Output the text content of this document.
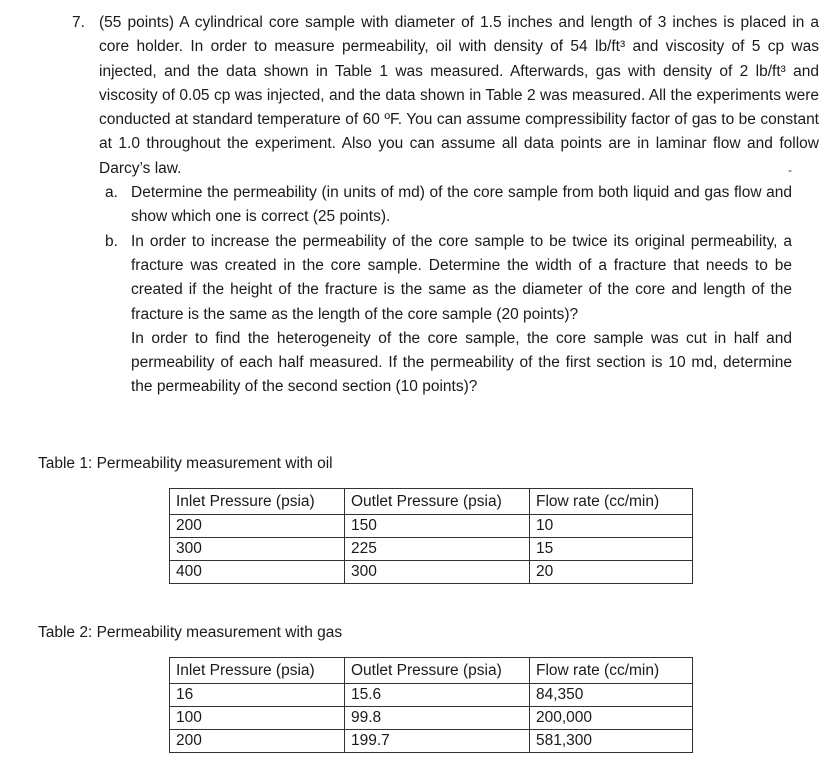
7. (55 points) A cylindrical core sample with diameter of 1.5 inches and length of 3 inches is placed in a core holder. In order to measure permeability, oil with density of 54 lb/ft³ and viscosity of 5 cp was injected, and the data shown in Table 1 was measured. Afterwards, gas with density of 2 lb/ft³ and viscosity of 0.05 cp was injected, and the data shown in Table 2 was measured. All the experiments were conducted at standard temperature of 60 ºF. You can assume compressibility factor of gas to be constant at 1.0 throughout the experiment. Also you can assume all data points are in laminar flow and follow Darcy’s law.
a. Determine the permeability (in units of md) of the core sample from both liquid and gas flow and show which one is correct (25 points).
b. In order to increase the permeability of the core sample to be twice its original permeability, a fracture was created in the core sample. Determine the width of a fracture that needs to be created if the height of the fracture is the same as the diameter of the core and length of the fracture is the same as the length of the core sample (20 points)?
In order to find the heterogeneity of the core sample, the core sample was cut in half and permeability of each half measured. If the permeability of the first section is 10 md, determine the permeability of the second section (10 points)?
-
Table 1: Permeability measurement with oil
Inlet Pressure (psia)	Outlet Pressure (psia)	Flow rate (cc/min)
200	150	10
300	225	15
400	300	20
Table 2: Permeability measurement with gas
Inlet Pressure (psia)	Outlet Pressure (psia)	Flow rate (cc/min)
16	15.6	84,350
100	99.8	200,000
200	199.7	581,300
